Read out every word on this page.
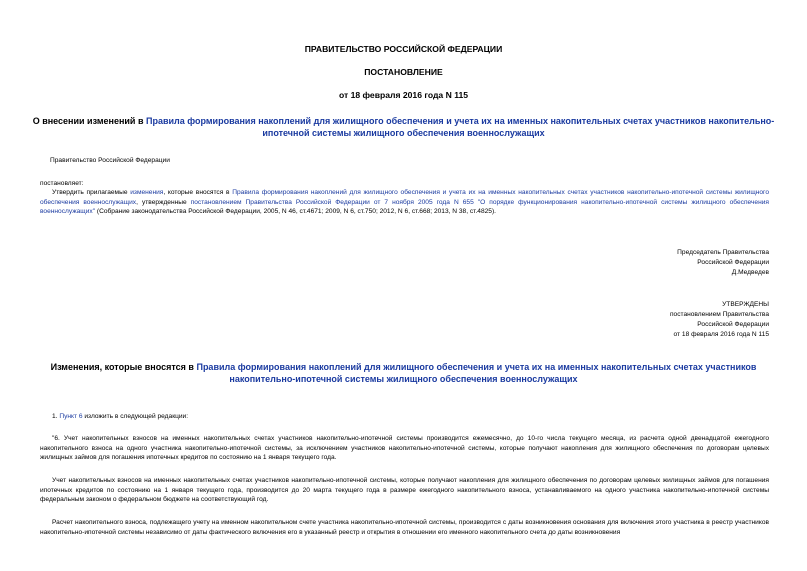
ПРАВИТЕЛЬСТВО РОССИЙСКОЙ ФЕДЕРАЦИИ
ПОСТАНОВЛЕНИЕ
от 18 февраля 2016 года N 115
О внесении изменений в Правила формирования накоплений для жилищного обеспечения и учета их на именных накопительных счетах участников накопительно-ипотечной системы жилищного обеспечения военнослужащих
Правительство Российской Федерации
постановляет:
Утвердить прилагаемые изменения, которые вносятся в Правила формирования накоплений для жилищного обеспечения и учета их на именных накопительных счетах участников накопительно-ипотечной системы жилищного обеспечения военнослужащих, утвержденные постановлением Правительства Российской Федерации от 7 ноября 2005 года N 655 "О порядке функционирования накопительно-ипотечной системы жилищного обеспечения военнослужащих" (Собрание законодательства Российской Федерации, 2005, N 46, ст.4671; 2009, N 6, ст.750; 2012, N 6, ст.668; 2013, N 38, ст.4825).
Председатель Правительства
Российской Федерации
Д.Медведев
УТВЕРЖДЕНЫ
постановлением Правительства
Российской Федерации
от 18 февраля 2016 года N 115
Изменения, которые вносятся в Правила формирования накоплений для жилищного обеспечения и учета их на именных накопительных счетах участников накопительно-ипотечной системы жилищного обеспечения военнослужащих
1. Пункт 6 изложить в следующей редакции:
"6. Учет накопительных взносов на именных накопительных счетах участников накопительно-ипотечной системы производится ежемесячно, до 10-го числа текущего месяца, из расчета одной двенадцатой ежегодного накопительного взноса на одного участника накопительно-ипотечной системы, за исключением участников накопительно-ипотечной системы, которые получают накопления для жилищного обеспечения по договорам целевых жилищных займов для погашения ипотечных кредитов по состоянию на 1 января текущего года.
Учет накопительных взносов на именных накопительных счетах участников накопительно-ипотечной системы, которые получают накопления для жилищного обеспечения по договорам целевых жилищных займов для погашения ипотечных кредитов по состоянию на 1 января текущего года, производится до 20 марта текущего года в размере ежегодного накопительного взноса, устанавливаемого на одного участника накопительно-ипотечной системы федеральным законом о федеральном бюджете на соответствующий год.
Расчет накопительного взноса, подлежащего учету на именном накопительном счете участника накопительно-ипотечной системы, производится с даты возникновения основания для включения этого участника в реестр участников накопительно-ипотечной системы независимо от даты фактического включения его в указанный реестр и открытия в отношении его именного накопительного счета до даты возникновения
